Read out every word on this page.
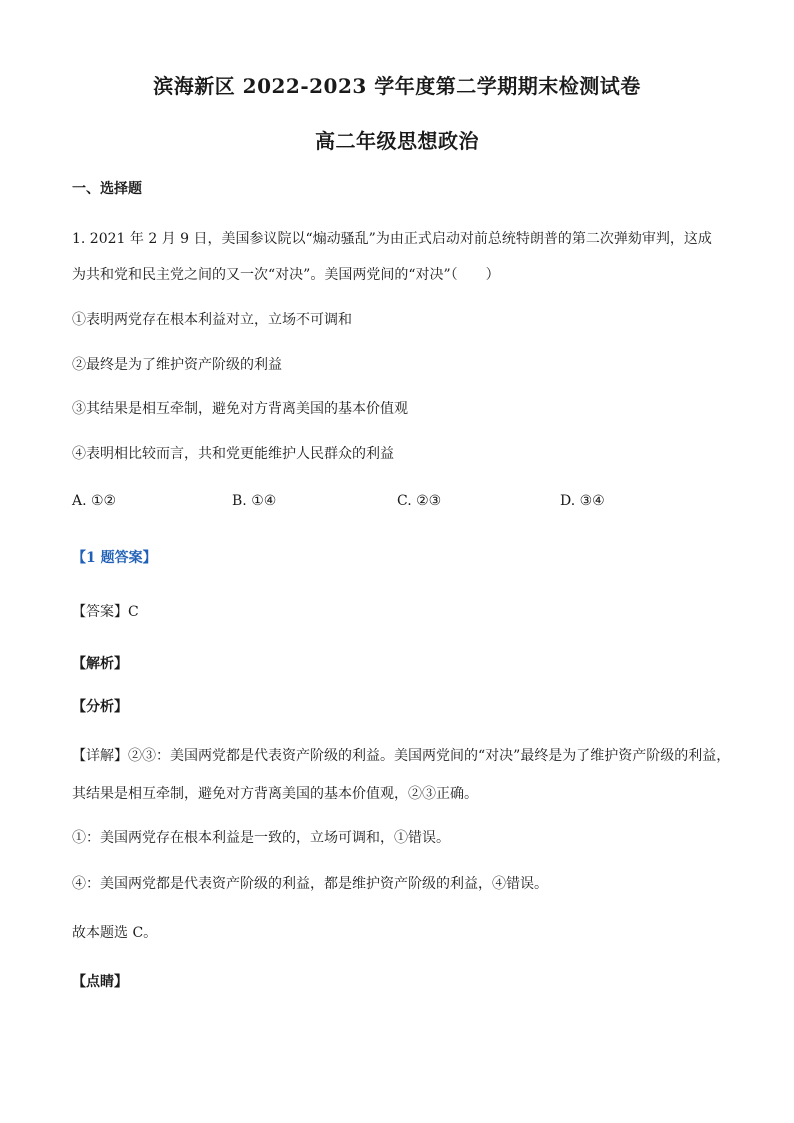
滨海新区 2022-2023 学年度第二学期期末检测试卷
高二年级思想政治
一、选择题
1. 2021 年 2 月 9 日，美国参议院以“煽动骚乱”为由正式启动对前总统特朗普的第二次弹劾审判，这成
为共和党和民主党之间的又一次“对决”。美国两党间的“对决”（　　）
①表明两党存在根本利益对立，立场不可调和
②最终是为了维护资产阶级的利益
③其结果是相互牵制，避免对方背离美国的基本价值观
④表明相比较而言，共和党更能维护人民群众的利益
A. ①②	B. ①④	C. ②③	D. ③④
【1 题答案】
【答案】C
【解析】
【分析】
【详解】②③：美国两党都是代表资产阶级的利益。美国两党间的“对决”最终是为了维护资产阶级的利益，
其结果是相互牵制，避免对方背离美国的基本价值观，②③正确。
①：美国两党存在根本利益是一致的，立场可调和，①错误。
④：美国两党都是代表资产阶级的利益，都是维护资产阶级的利益，④错误。
故本题选 C。
【点睛】
